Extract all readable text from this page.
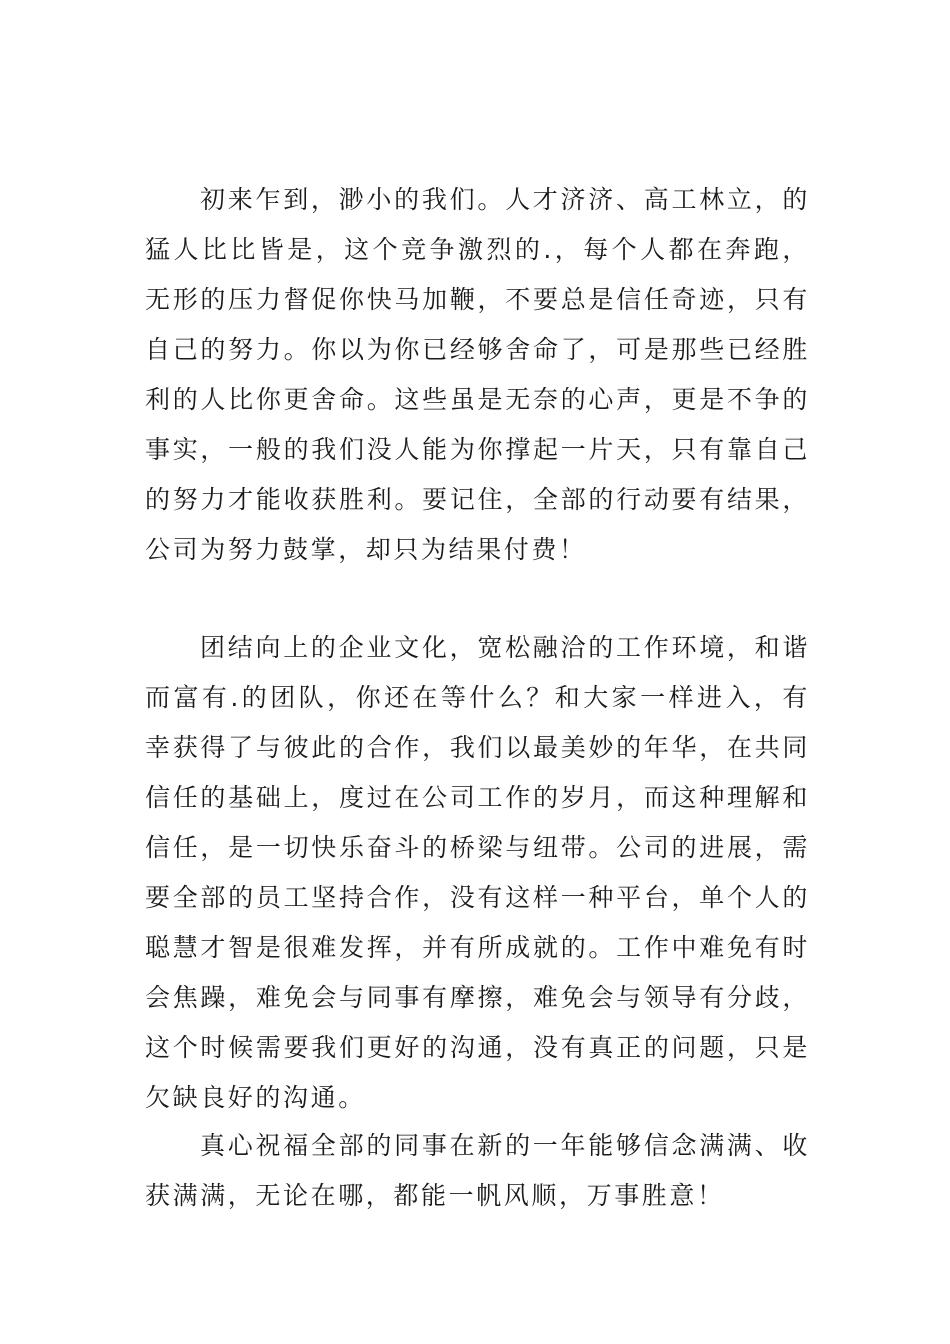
初来乍到，渺小的我们。人才济济、高工林立，的猛人比比皆是，这个竞争激烈的.，每个人都在奔跑，无形的压力督促你快马加鞭，不要总是信任奇迹，只有自己的努力。你以为你已经够舍命了，可是那些已经胜利的人比你更舍命。这些虽是无奈的心声，更是不争的事实，一般的我们没人能为你撑起一片天，只有靠自己的努力才能收获胜利。要记住，全部的行动要有结果，公司为努力鼓掌，却只为结果付费！

团结向上的企业文化，宽松融洽的工作环境，和谐而富有.的团队，你还在等什么？和大家一样进入，有幸获得了与彼此的合作，我们以最美妙的年华，在共同信任的基础上，度过在公司工作的岁月，而这种理解和信任，是一切快乐奋斗的桥梁与纽带。公司的进展，需要全部的员工坚持合作，没有这样一种平台，单个人的聪慧才智是很难发挥，并有所成就的。工作中难免有时会焦躁，难免会与同事有摩擦，难免会与领导有分歧，这个时候需要我们更好的沟通，没有真正的问题，只是欠缺良好的沟通。

真心祝福全部的同事在新的一年能够信念满满、收获满满，无论在哪，都能一帆风顺，万事胜意！
